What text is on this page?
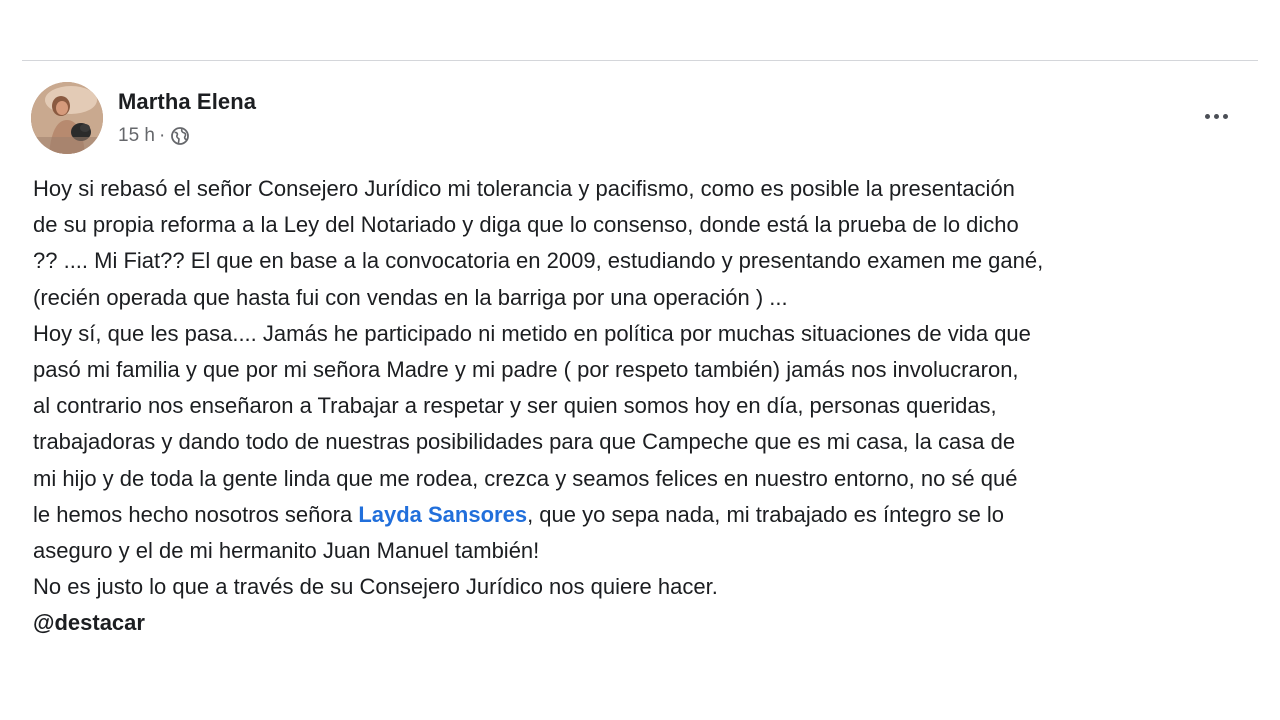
Martha Elena
15 h ·
Hoy si rebasó el señor Consejero Jurídico mi tolerancia y pacifismo, como es posible la presentación
de su propia reforma a la Ley del Notariado y diga que lo consenso, donde está la prueba de lo dicho
?? .... Mi Fiat?? El que en base a la convocatoria en 2009, estudiando y presentando examen me gané,
(recién operada que hasta fui con vendas en la barriga por una operación ) ...
Hoy sí, que les pasa.... Jamás he participado ni metido en política por muchas situaciones de vida que
pasó mi familia y que por mi señora Madre y mi padre ( por respeto también) jamás nos involucraron,
al contrario nos enseñaron a Trabajar a respetar y ser quien somos hoy en día, personas queridas,
trabajadoras y dando todo de nuestras posibilidades para que Campeche que es mi casa, la casa de
mi hijo y de toda la gente linda que me rodea, crezca y seamos felices en nuestro entorno, no sé qué
le hemos hecho nosotros señora Layda Sansores, que yo sepa nada, mi trabajado es íntegro se lo
aseguro y el de mi hermanito Juan Manuel también!
No es justo lo que a través de su Consejero Jurídico nos quiere hacer.
@destacar
